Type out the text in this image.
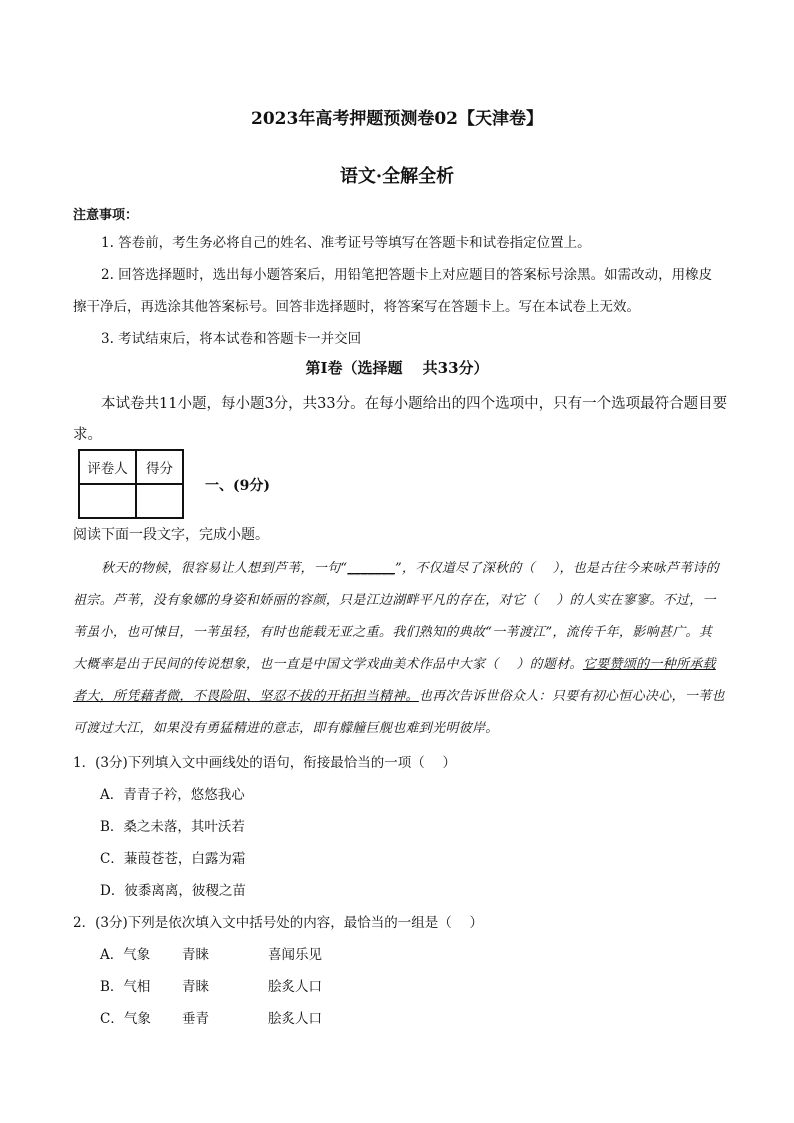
2023年高考押题预测卷02【天津卷】
语文·全解全析
注意事项：
1. 答卷前，考生务必将自己的姓名、准考证号等填写在答题卡和试卷指定位置上。
2. 回答选择题时，选出每小题答案后，用铅笔把答题卡上对应题目的答案标号涂黑。如需改动，用橡皮擦干净后，再选涂其他答案标号。回答非选择题时，将答案写在答题卡上。写在本试卷上无效。
3. 考试结束后，将本试卷和答题卡一并交回
第Ⅰ卷（选择题　 共33分）
本试卷共11小题，每小题3分，共33分。在每小题给出的四个选项中，只有一个选项最符合题目要求。
评卷人	得分

一、(9分)
阅读下面一段文字，完成小题。
秋天的物候，很容易让人想到芦苇，一句“_______”，不仅道尽了深秋的（　 ），也是古往今来咏芦苇诗的祖宗。芦苇，没有象娜的身姿和娇丽的容颜，只是江边湖畔平凡的存在，对它（　 ）的人实在寥寥。不过，一苇虽小，也可悚目，一苇虽轻，有时也能载无亚之重。我们熟知的典故“一苇渡江”，流传千年，影响甚广。其大概率是出于民间的传说想象，也一直是中国文学戏曲美术作品中大家（　 ）的题材。它要赞颂的一种所承载者大，所凭藉者微，不畏险阻、坚忍不拔的开拓担当精神。也再次告诉世俗众人：只要有初心恒心决心，一苇也可渡过大江，如果没有勇猛精进的意志，即有艨艟巨舰也难到光明彼岸。
1．(3分)下列填入文中画线处的语句，衔接最恰当的一项（　 ）
A．青青子衿，悠悠我心
B．桑之未落，其叶沃若
C．蒹葭苍苍，白露为霜
D．彼黍离离，彼稷之苗
2．(3分)下列是依次填入文中括号处的内容，最恰当的一组是（　 ）
A．气象 青睐	喜闻乐见
B．气相 青睐	脍炙人口
C．气象 垂青	脍炙人口
